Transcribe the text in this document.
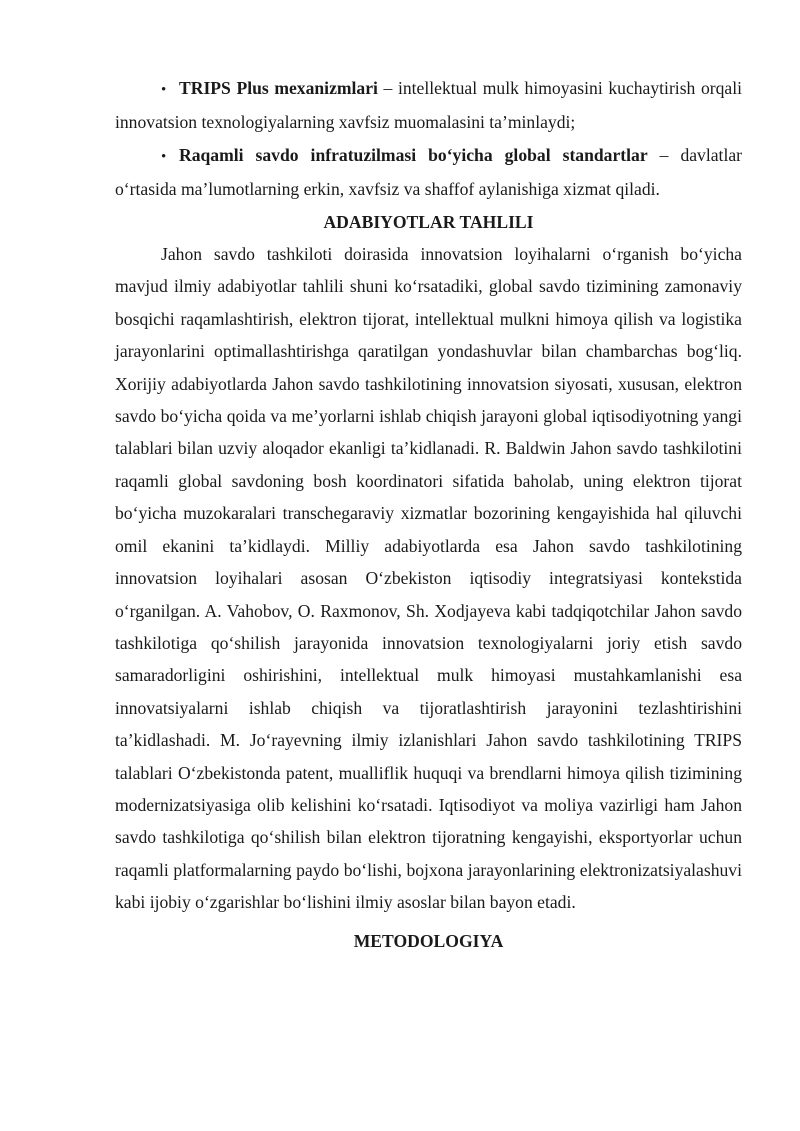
• TRIPS Plus mexanizmlari – intellektual mulk himoyasini kuchaytirish orqali innovatsion texnologiyalarning xavfsiz muomalasini ta’minlaydi;

• Raqamli savdo infratuzilmasi bo‘yicha global standartlar – davlatlar o‘rtasida ma’lumotlarning erkin, xavfsiz va shaffof aylanishiga xizmat qiladi.

ADABIYOTLAR TAHLILI

Jahon savdo tashkiloti doirasida innovatsion loyihalarni o‘rganish bo‘yicha mavjud ilmiy adabiyotlar tahlili shuni ko‘rsatadiki, global savdo tizimining zamonaviy bosqichi raqamlashtirish, elektron tijorat, intellektual mulkni himoya qilish va logistika jarayonlarini optimallashtirishga qaratilgan yondashuvlar bilan chambarchas bog‘liq. Xorijiy adabiyotlarda Jahon savdo tashkilotining innovatsion siyosati, xususan, elektron savdo bo‘yicha qoida va me’yorlarni ishlab chiqish jarayoni global iqtisodiyotning yangi talablari bilan uzviy aloqador ekanligi ta’kidlanadi. R. Baldwin Jahon savdo tashkilotini raqamli global savdoning bosh koordinatori sifatida baholab, uning elektron tijorat bo‘yicha muzokaralari transchegaraviy xizmatlar bozorining kengayishida hal qiluvchi omil ekanini ta’kidlaydi. Milliy adabiyotlarda esa Jahon savdo tashkilotining innovatsion loyihalari asosan O‘zbekiston iqtisodiy integratsiyasi kontekstida o‘rganilgan. A. Vahobov, O. Raxmonov, Sh. Xodjayeva kabi tadqiqotchilar Jahon savdo tashkilotiga qo‘shilish jarayonida innovatsion texnologiyalarni joriy etish savdo samaradorligini oshirishini, intellektual mulk himoyasi mustahkamlanishi esa innovatsiyalarni ishlab chiqish va tijoratlashtirish jarayonini tezlashtirishini ta’kidlashadi. M. Jo‘rayevning ilmiy izlanishlari Jahon savdo tashkilotining TRIPS talablari O‘zbekistonda patent, mualliflik huquqi va brendlarni himoya qilish tizimining modernizatsiyasiga olib kelishini ko‘rsatadi. Iqtisodiyot va moliya vazirligi ham Jahon savdo tashkilotiga qo‘shilish bilan elektron tijoratning kengayishi, eksportyorlar uchun raqamli platformalarning paydo bo‘lishi, bojxona jarayonlarining elektronizatsiyalashuvi kabi ijobiy o‘zgarishlar bo‘lishini ilmiy asoslar bilan bayon etadi.

METODOLOGIYA
